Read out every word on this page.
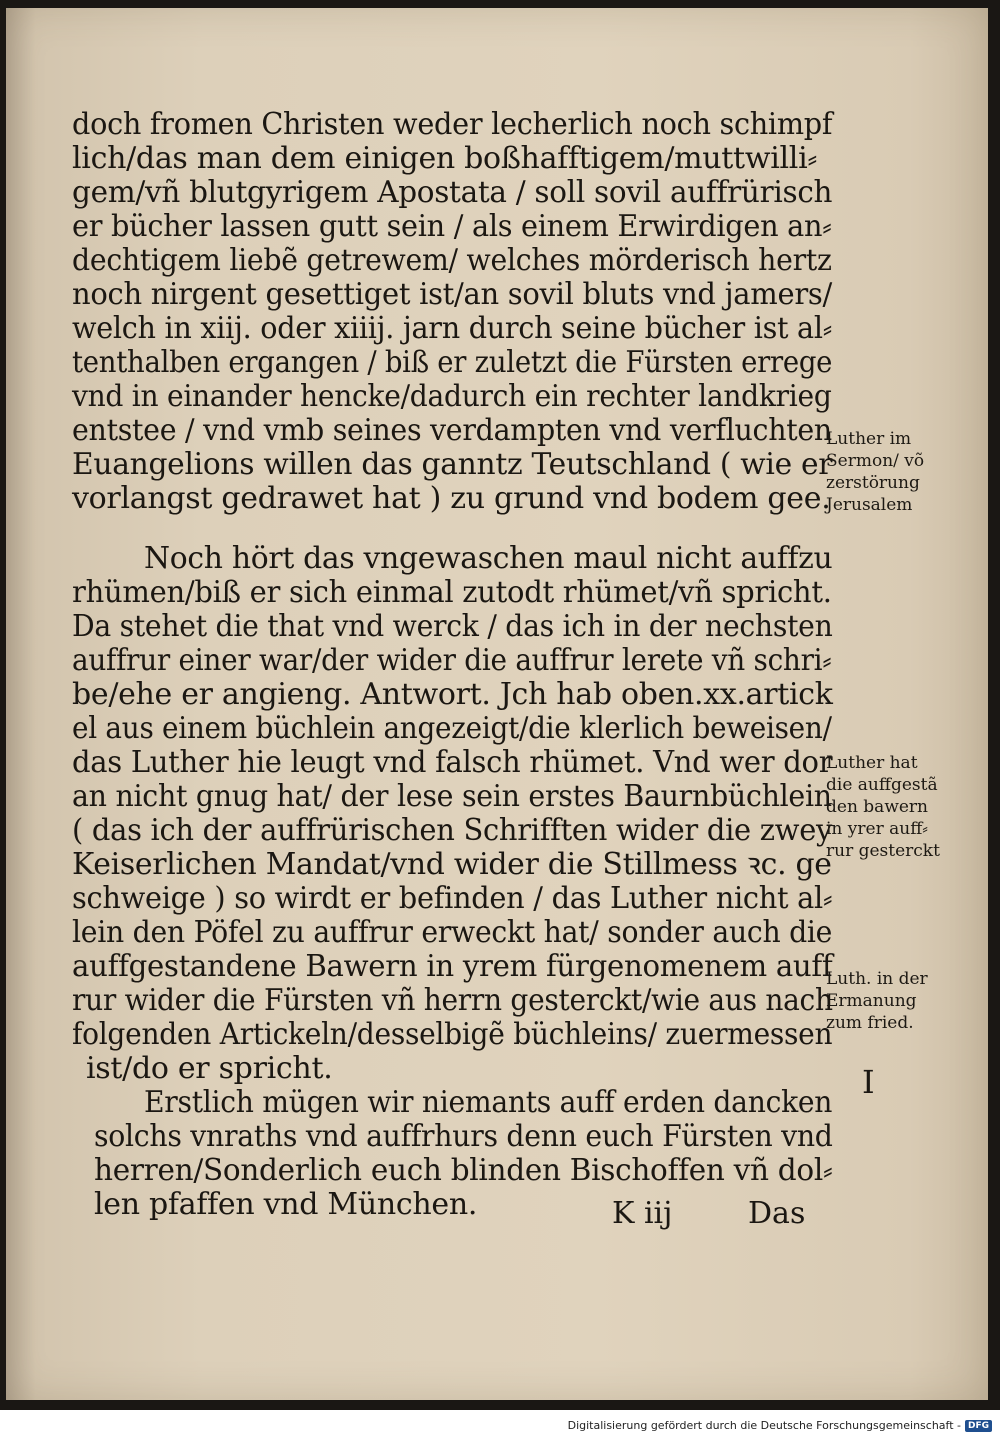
doch fromen Christen weder lecherlich noch schimpf
lich/das man dem einigen boßhafftigem/muttwilli⸗
gem/vñ blutgyrigem Apostata / soll sovil auffrürisch
er bücher lassen gutt sein / als einem Erwirdigen an⸗
dechtigem liebẽ getrewem/ welches mörderisch hertz
noch nirgent gesettiget ist/an sovil bluts vnd jamers/
welch in xiij. oder xiiij. jarn durch seine bücher ist al⸗
tenthalben ergangen / biß er zuletzt die Fürsten errege
vnd in einander hencke/dadurch ein rechter landkrieg
entstee / vnd vmb seines verdampten vnd verfluchten
Euangelions willen das ganntz Teutschland ( wie er
vorlangst gedrawet hat ) zu grund vnd bodem gee.
Noch hört das vngewaschen maul nicht auffzu
rhümen/biß er sich einmal zutodt rhümet/vñ spricht.
Da stehet die that vnd werck / das ich in der nechsten
auffrur einer war/der wider die auffrur lerete vñ schri⸗
be/ehe er angieng. Antwort. Jch hab oben.xx.artick
el aus einem büchlein angezeigt/die klerlich beweisen/
das Luther hie leugt vnd falsch rhümet. Vnd wer dor
an nicht gnug hat/ der lese sein erstes Baurnbüchlein
( das ich der auffrürischen Schrifften wider die zwey
Keiserlichen Mandat/vnd wider die Stillmess ꝛc. ge
schweige ) so wirdt er befinden / das Luther nicht al⸗
lein den Pöfel zu auffrur erweckt hat/ sonder auch die
auffgestandene Bawern in yrem fürgenomenem auff
rur wider die Fürsten vñ herrn gesterckt/wie aus nach
folgenden Artickeln/desselbigẽ büchleins/ zuermessen
ist/do er spricht.
Erstlich mügen wir niemants auff erden dancken
solchs vnraths vnd auffrhurs denn euch Fürsten vnd
herren/Sonderlich euch blinden Bischoffen vñ dol⸗
len pfaffen vnd München.
Luther im
Sermon/ võ
zerstörung
Jerusalem
Luther hat
die auffgestã
den bawern
in yrer auff⸗
rur gesterckt
Luth. in der
Ermanung
zum fried.
I
K iij	Das
Digitalisierung gefördert durch die Deutsche Forschungsgemeinschaft - DFG
